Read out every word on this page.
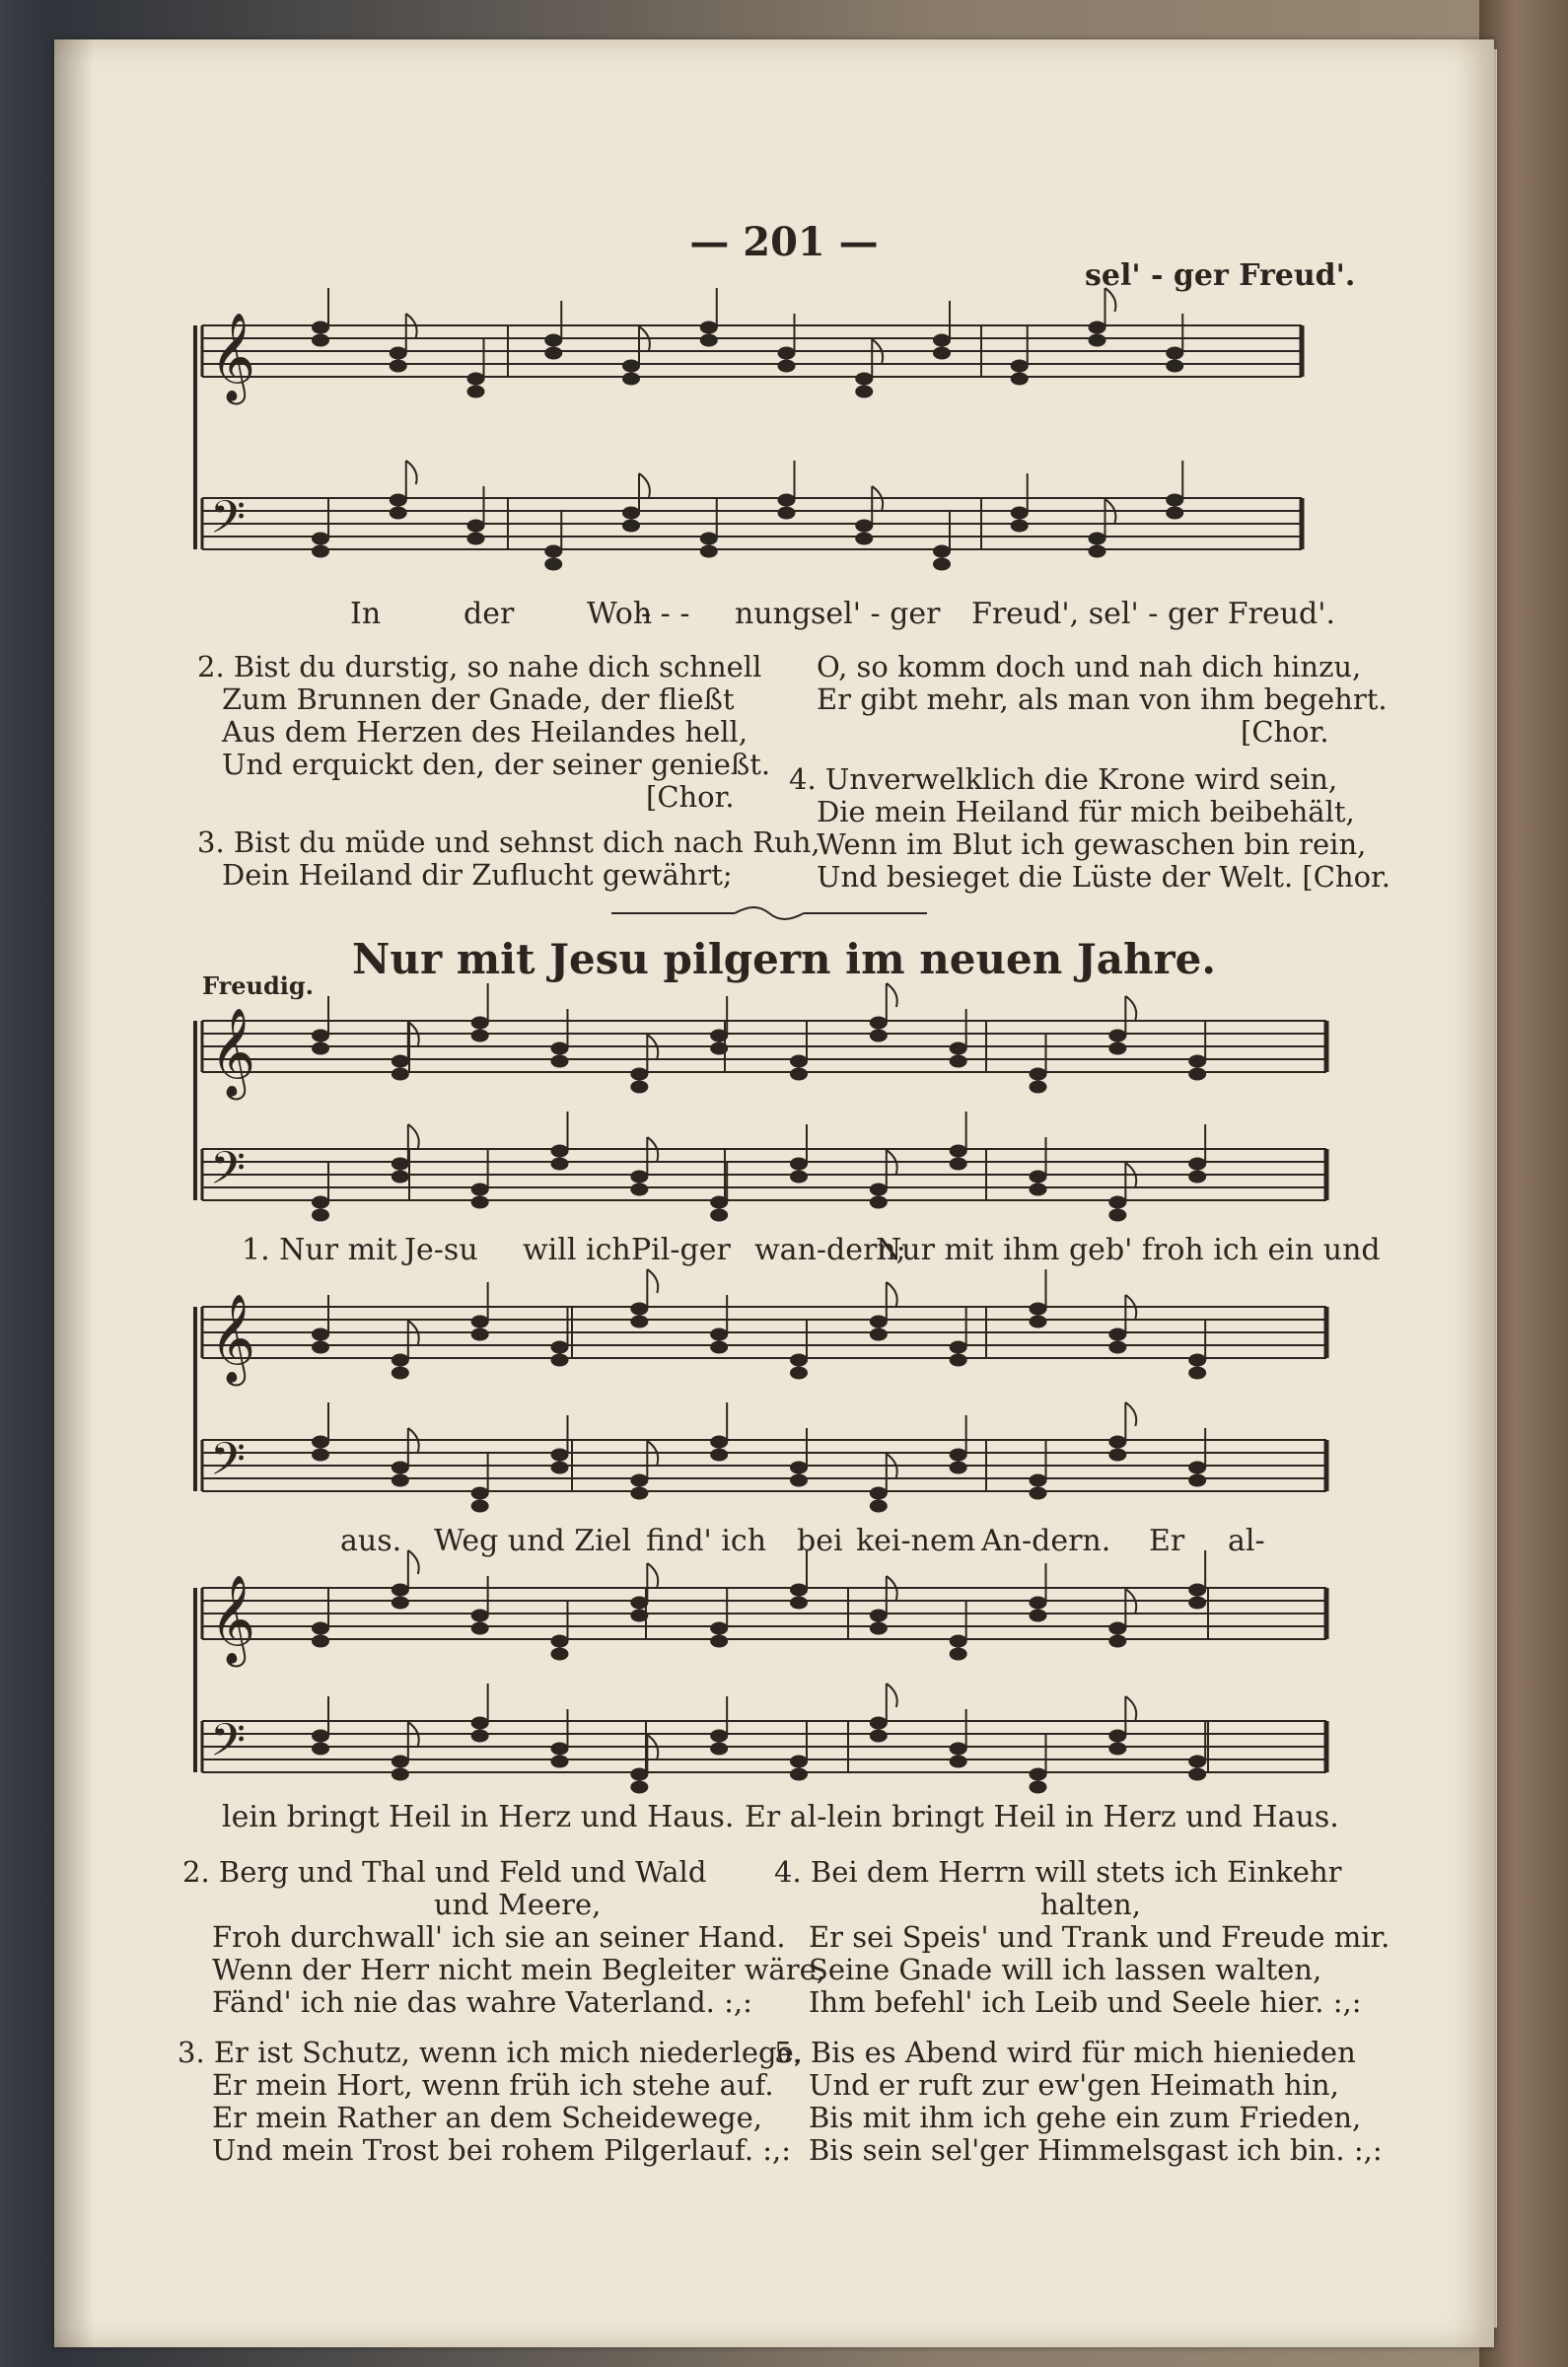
— 201 —
sel' - ger Freud'.
𝄞
𝄢
𝄞
𝄢
𝄞
𝄢
𝄞
𝄢
In	der Woh
- - - nung sel' - ger Freud', sel' - ger Freud'.
2. Bist du durstig, so nahe dich schnell
Zum Brunnen der Gnade, der fließt
Aus dem Herzen des Heilandes hell,
Und erquickt den, der seiner genießt.
[Chor.
3. Bist du müde und sehnst dich nach Ruh,
Dein Heiland dir Zuflucht gewährt;
O, so komm doch und nah dich hinzu,
Er gibt mehr, als man von ihm begehrt.
[Chor.
4. Unverwelklich die Krone wird sein,
Die mein Heiland für mich beibehält,
Wenn im Blut ich gewaschen bin rein,
Und besieget die Lüste der Welt. [Chor.
Nur mit Jesu pilgern im neuen Jahre.
Freudig.
1. Nur mit Je-su will ich Pil-ger wan-dern;
Nur mit ihm geb' froh ich ein und
aus. Weg und Ziel find' ich bei kei-nem An-dern. Er al-
lein bringt Heil in Herz und Haus. Er al-lein bringt Heil in Herz und Haus.
2. Berg und Thal und Feld und Wald
und Meere,
Froh durchwall' ich sie an seiner Hand.
Wenn der Herr nicht mein Begleiter wäre,
Fänd' ich nie das wahre Vaterland. :,:
3. Er ist Schutz, wenn ich mich niederlege,
Er mein Hort, wenn früh ich stehe auf.
Er mein Rather an dem Scheidewege,
Und mein Trost bei rohem Pilgerlauf. :,:
4. Bei dem Herrn will stets ich Einkehr
halten,
Er sei Speis' und Trank und Freude mir.
Seine Gnade will ich lassen walten,
Ihm befehl' ich Leib und Seele hier. :,:
5. Bis es Abend wird für mich hienieden
Und er ruft zur ew'gen Heimath hin,
Bis mit ihm ich gehe ein zum Frieden,
Bis sein sel'ger Himmelsgast ich bin. :,:
